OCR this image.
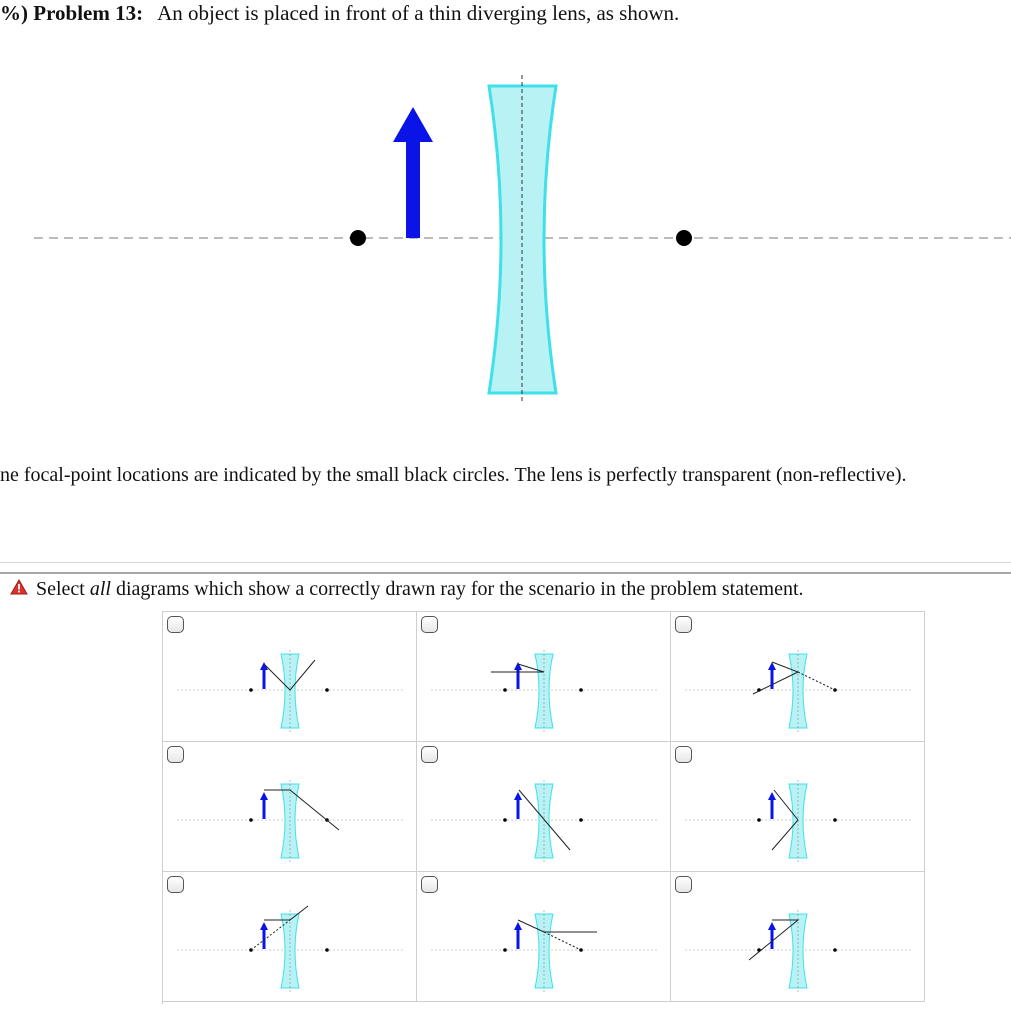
%) Problem 13: An object is placed in front of a thin diverging lens, as shown.
ne focal-point locations are indicated by the small black circles. The lens is perfectly transparent (non-reflective).
Select all diagrams which show a correctly drawn ray for the scenario in the problem statement.
